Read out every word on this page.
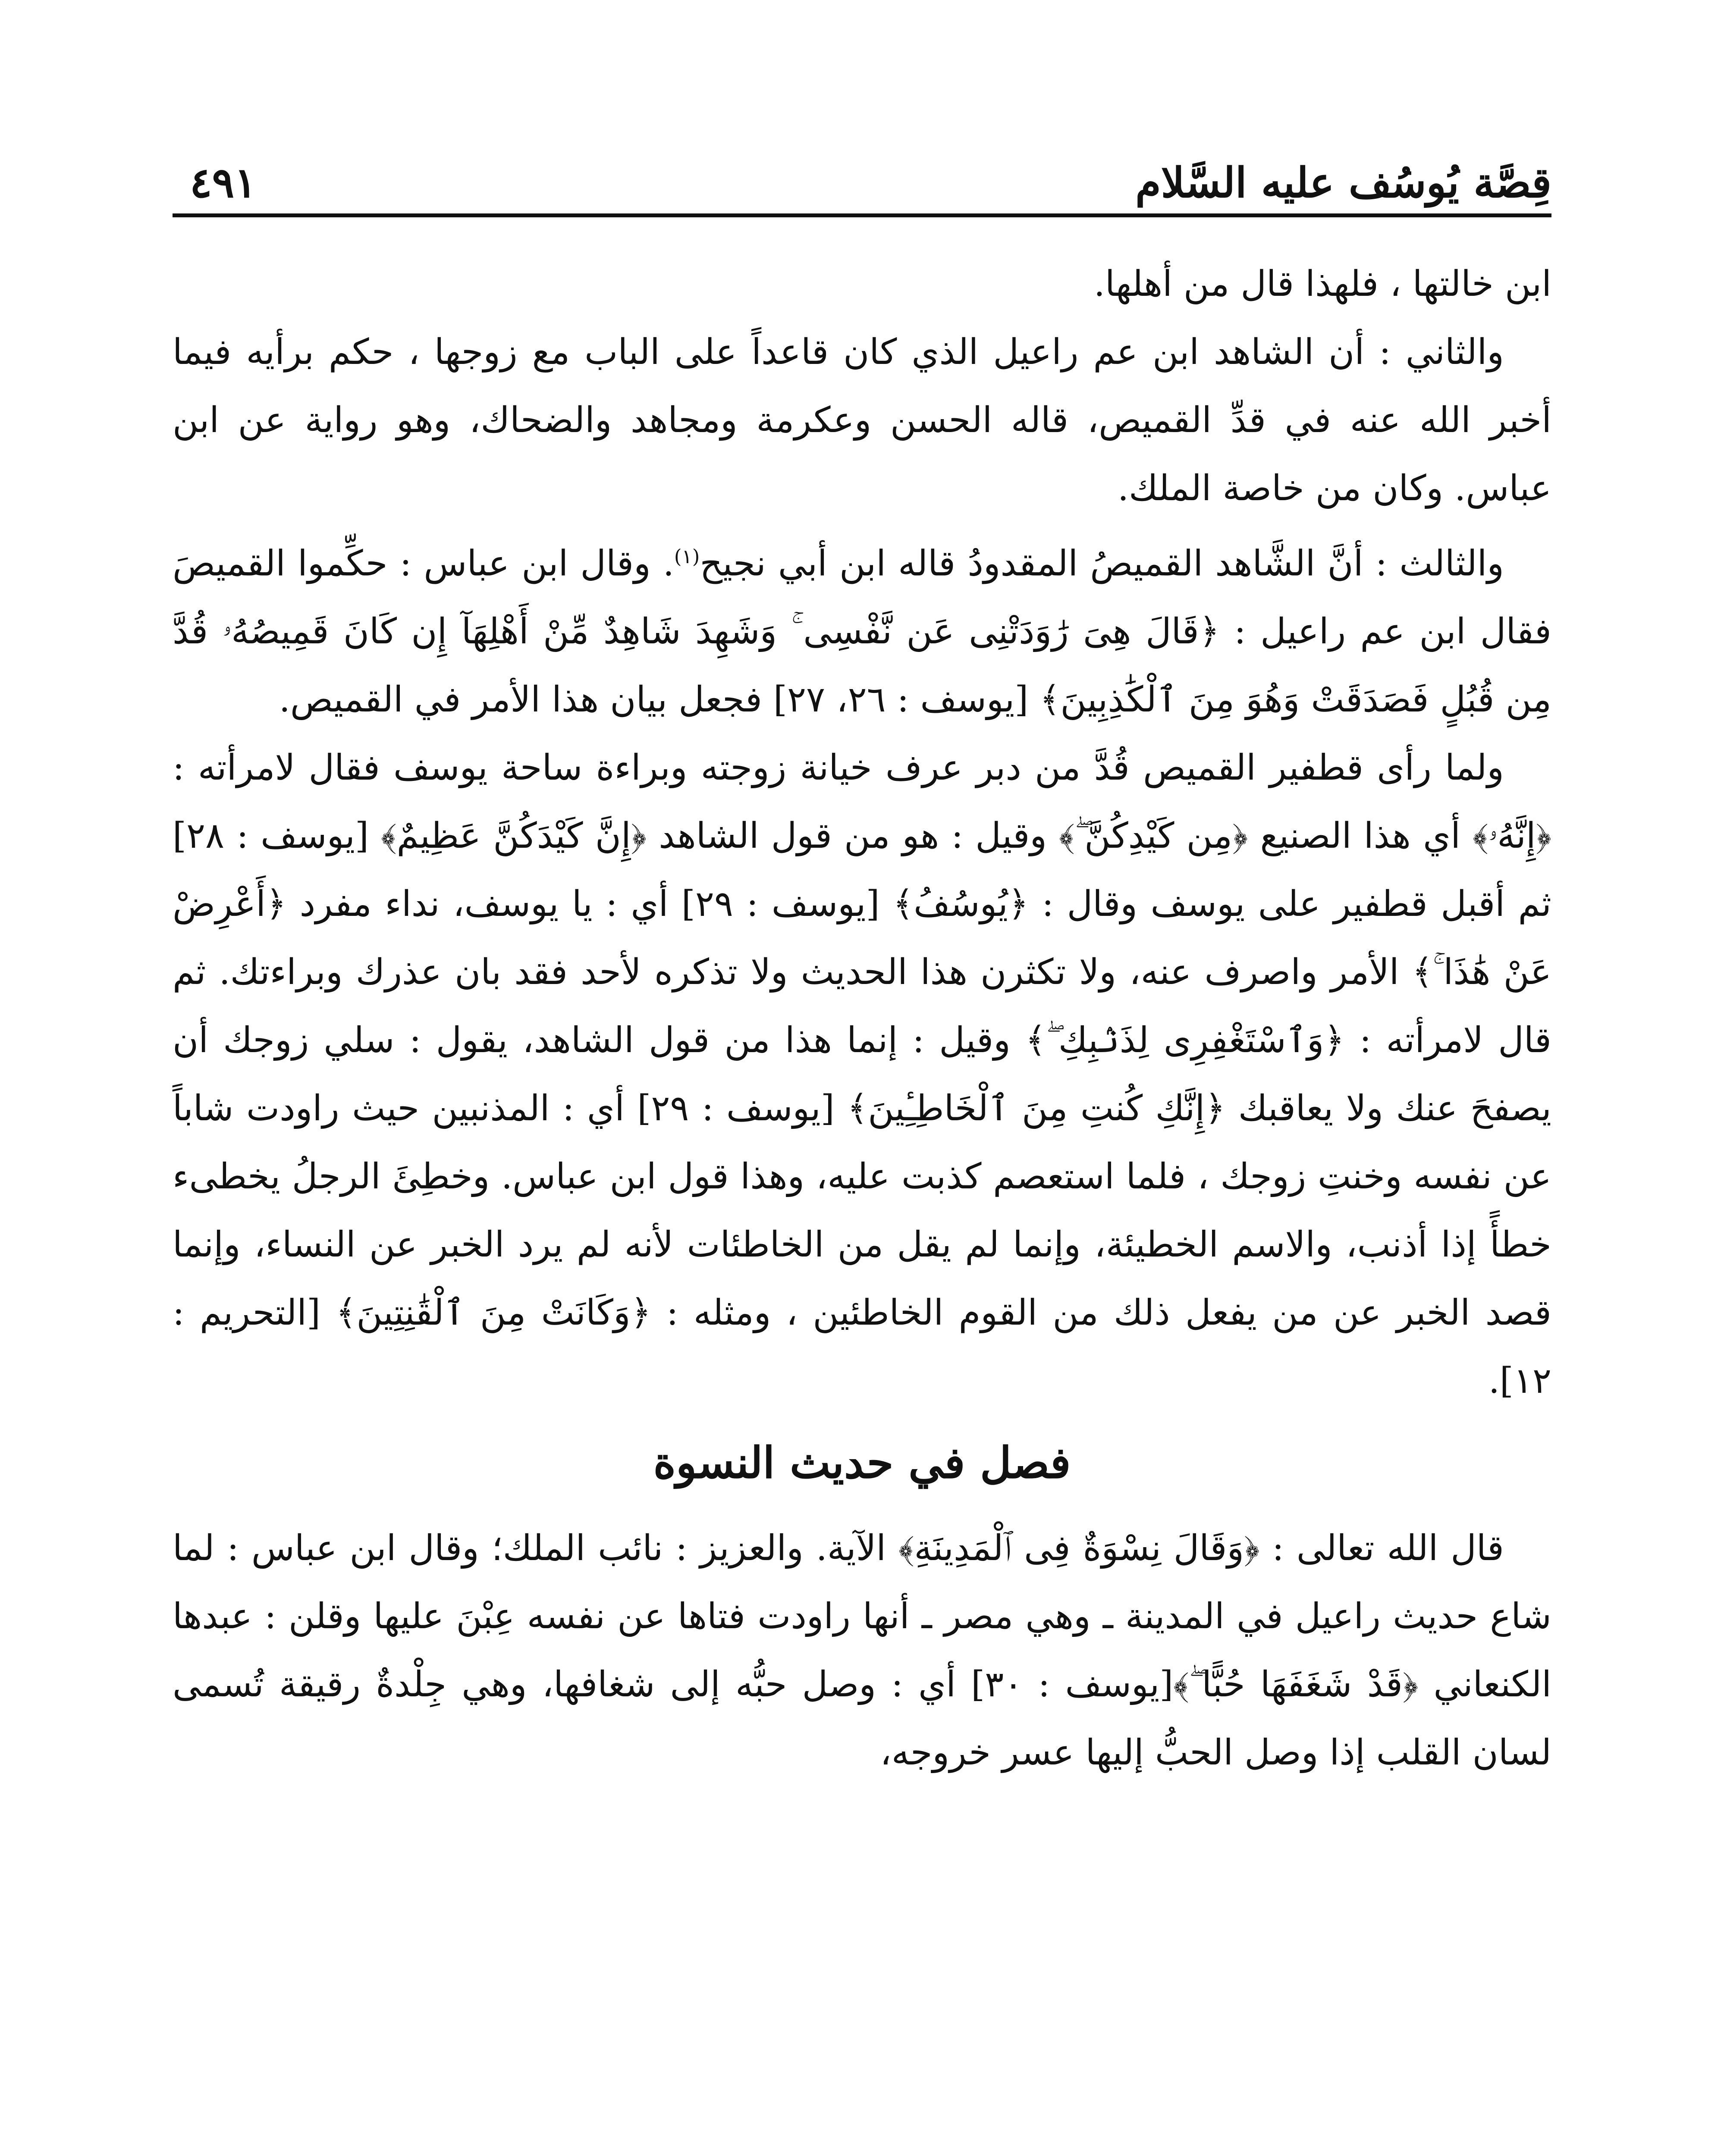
قِصَّة يُوسُف عليه السَّلام
٤٩١

ابن خالتها ، فلهذا قال من أهلها.

والثاني : أن الشاهد ابن عم راعيل الذي كان قاعداً على الباب مع زوجها ، حكم برأيه فيما أخبر الله عنه في قدِّ القميص، قاله الحسن وعكرمة ومجاهد والضحاك، وهو رواية عن ابن عباس. وكان من خاصة الملك.

والثالث : أنَّ الشَّاهد القميصُ المقدودُ قاله ابن أبي نجيح$^{(١)}$. وقال ابن عباس : حكِّموا القميصَ فقال ابن عم راعيل : ﴿قَالَ هِىَ رَٰوَدَتْنِى عَن نَّفْسِى ۚ وَشَهِدَ شَاهِدٌ مِّنْ أَهْلِهَآ إِن كَانَ قَمِيصُهُۥ قُدَّ مِن قُبُلٍ فَصَدَقَتْ وَهُوَ مِنَ ٱلْكَٰذِبِينَ﴾ [يوسف : ٢٦، ٢٧] فجعل بيان هذا الأمر في القميص.

ولما رأى قطفير القميص قُدَّ من دبر عرف خيانة زوجته وبراءة ساحة يوسف فقال لامرأته : ﴿إِنَّهُۥ﴾ أي هذا الصنيع ﴿مِن كَيْدِكُنَّ ۖ﴾ وقيل : هو من قول الشاهد ﴿إِنَّ كَيْدَكُنَّ عَظِيمٌ﴾ [يوسف : ٢٨] ثم أقبل قطفير على يوسف وقال : ﴿يُوسُفُ﴾ [يوسف : ٢٩] أي : يا يوسف، نداء مفرد ﴿أَعْرِضْ عَنْ هَٰذَا ۚ﴾ الأمر واصرف عنه، ولا تكثرن هذا الحديث ولا تذكره لأحد فقد بان عذرك وبراءتك. ثم قال لامرأته : ﴿وَٱسْتَغْفِرِى لِذَنۢبِكِ ۖ﴾ وقيل : إنما هذا من قول الشاهد، يقول : سلي زوجك أن يصفحَ عنك ولا يعاقبك ﴿إِنَّكِ كُنتِ مِنَ ٱلْخَاطِـِٔينَ﴾ [يوسف : ٢٩] أي : المذنبين حيث راودت شاباً عن نفسه وخنتِ زوجك ، فلما استعصم كذبت عليه، وهذا قول ابن عباس. وخطِئَ الرجلُ يخطىء خطأً إذا أذنب، والاسم الخطيئة، وإنما لم يقل من الخاطئات لأنه لم يرد الخبر عن النساء، وإنما قصد الخبر عن من يفعل ذلك من القوم الخاطئين ، ومثله : ﴿وَكَانَتْ مِنَ ٱلْقَٰنِتِينَ﴾ [التحريم : ١٢].

فصل في حديث النسوة

قال الله تعالى : ﴿وَقَالَ نِسْوَةٌ فِى ٱلْمَدِينَةِ﴾ الآية. والعزيز : نائب الملك؛ وقال ابن عباس : لما شاع حديث راعيل في المدينة ـ وهي مصر ـ أنها راودت فتاها عن نفسه عِبْنَ عليها وقلن : عبدها الكنعاني ﴿قَدْ شَغَفَهَا حُبًّا ۖ﴾[يوسف : ٣٠] أي : وصل حبُّه إلى شغافها، وهي جِلْدةٌ رقيقة تُسمى لسان القلب إذا وصل الحبُّ إليها عسر خروجه،
